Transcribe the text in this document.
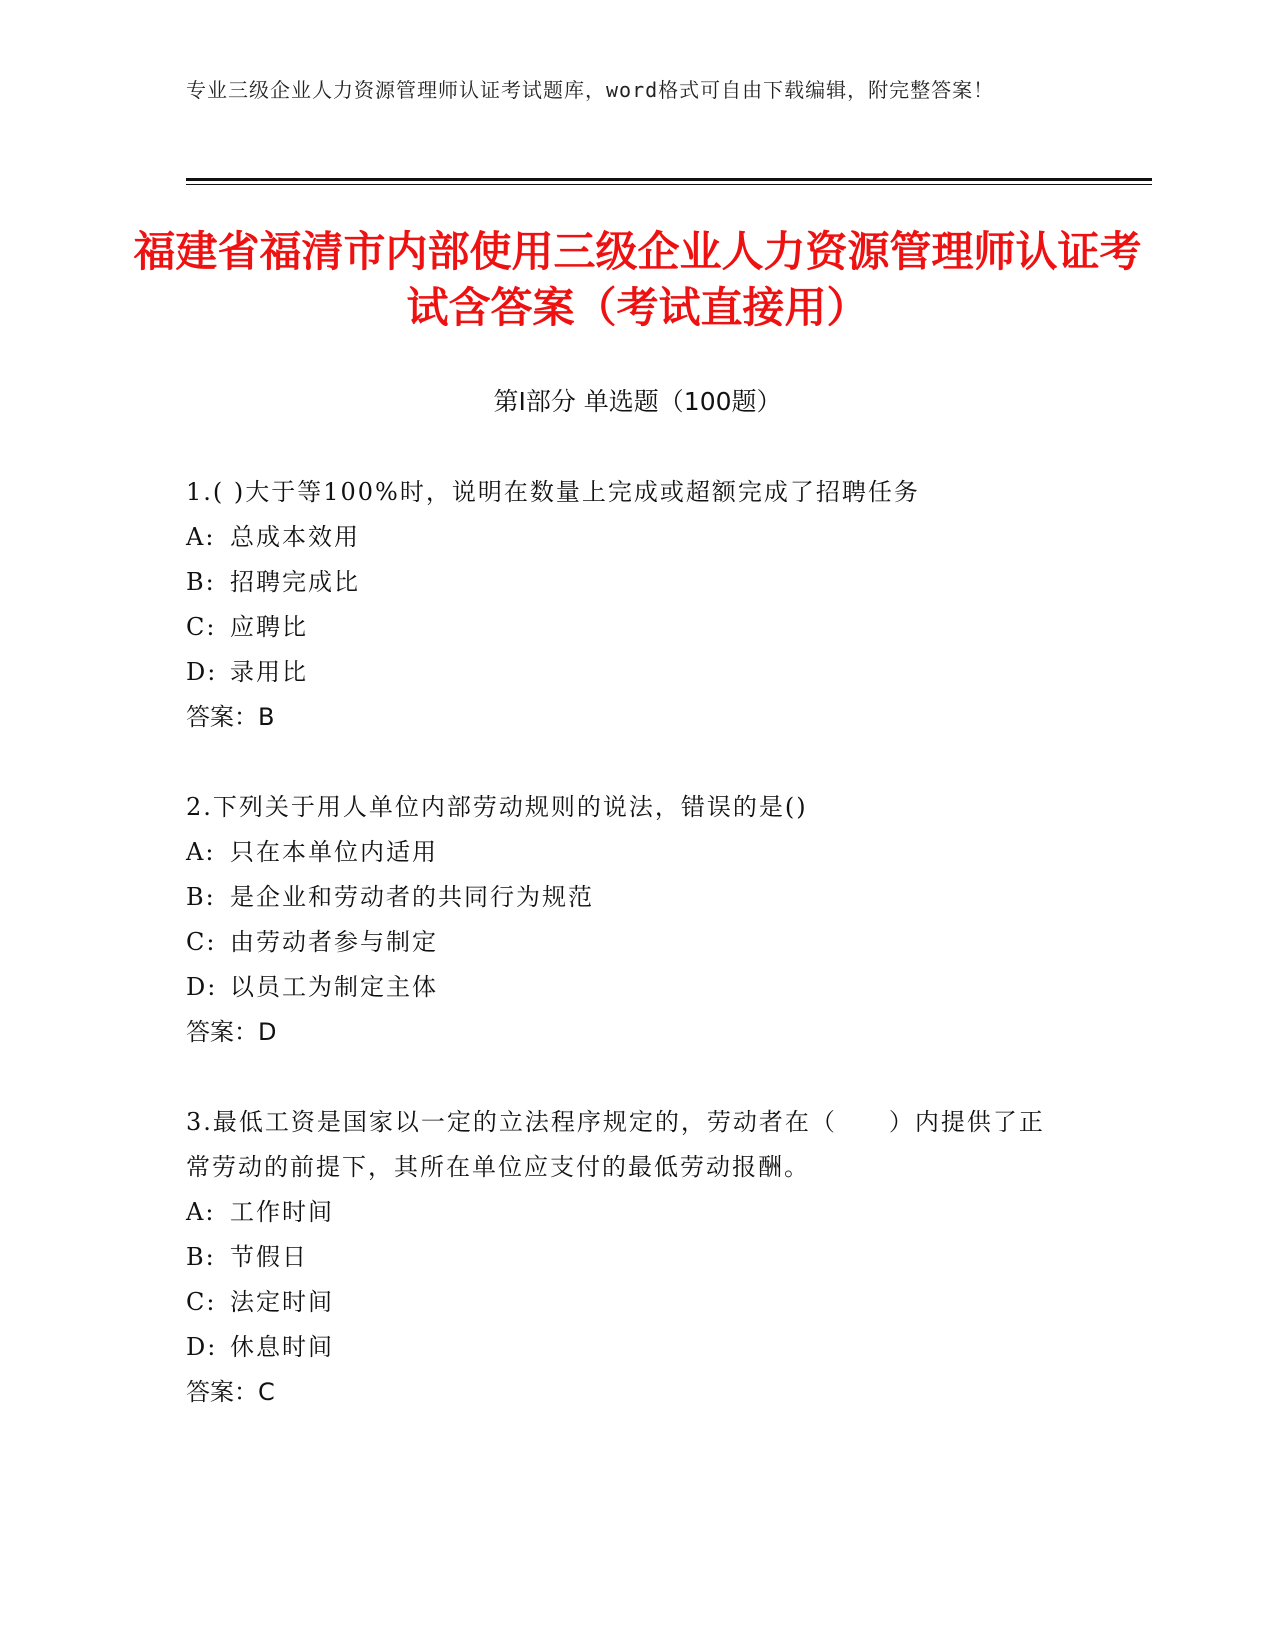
专业三级企业人力资源管理师认证考试题库，word格式可自由下载编辑，附完整答案！
福建省福清市内部使用三级企业人力资源管理师认证考试含答案（考试直接用）
第Ⅰ部分 单选题（100题）
1.( )大于等100%时，说明在数量上完成或超额完成了招聘任务
A: 总成本效用
B: 招聘完成比
C: 应聘比
D: 录用比
答案：B
2.下列关于用人单位内部劳动规则的说法，错误的是()
A: 只在本单位内适用
B: 是企业和劳动者的共同行为规范
C: 由劳动者参与制定
D: 以员工为制定主体
答案：D
3.最低工资是国家以一定的立法程序规定的，劳动者在（　　）内提供了正常劳动的前提下，其所在单位应支付的最低劳动报酬。
A: 工作时间
B: 节假日
C: 法定时间
D: 休息时间
答案：C
